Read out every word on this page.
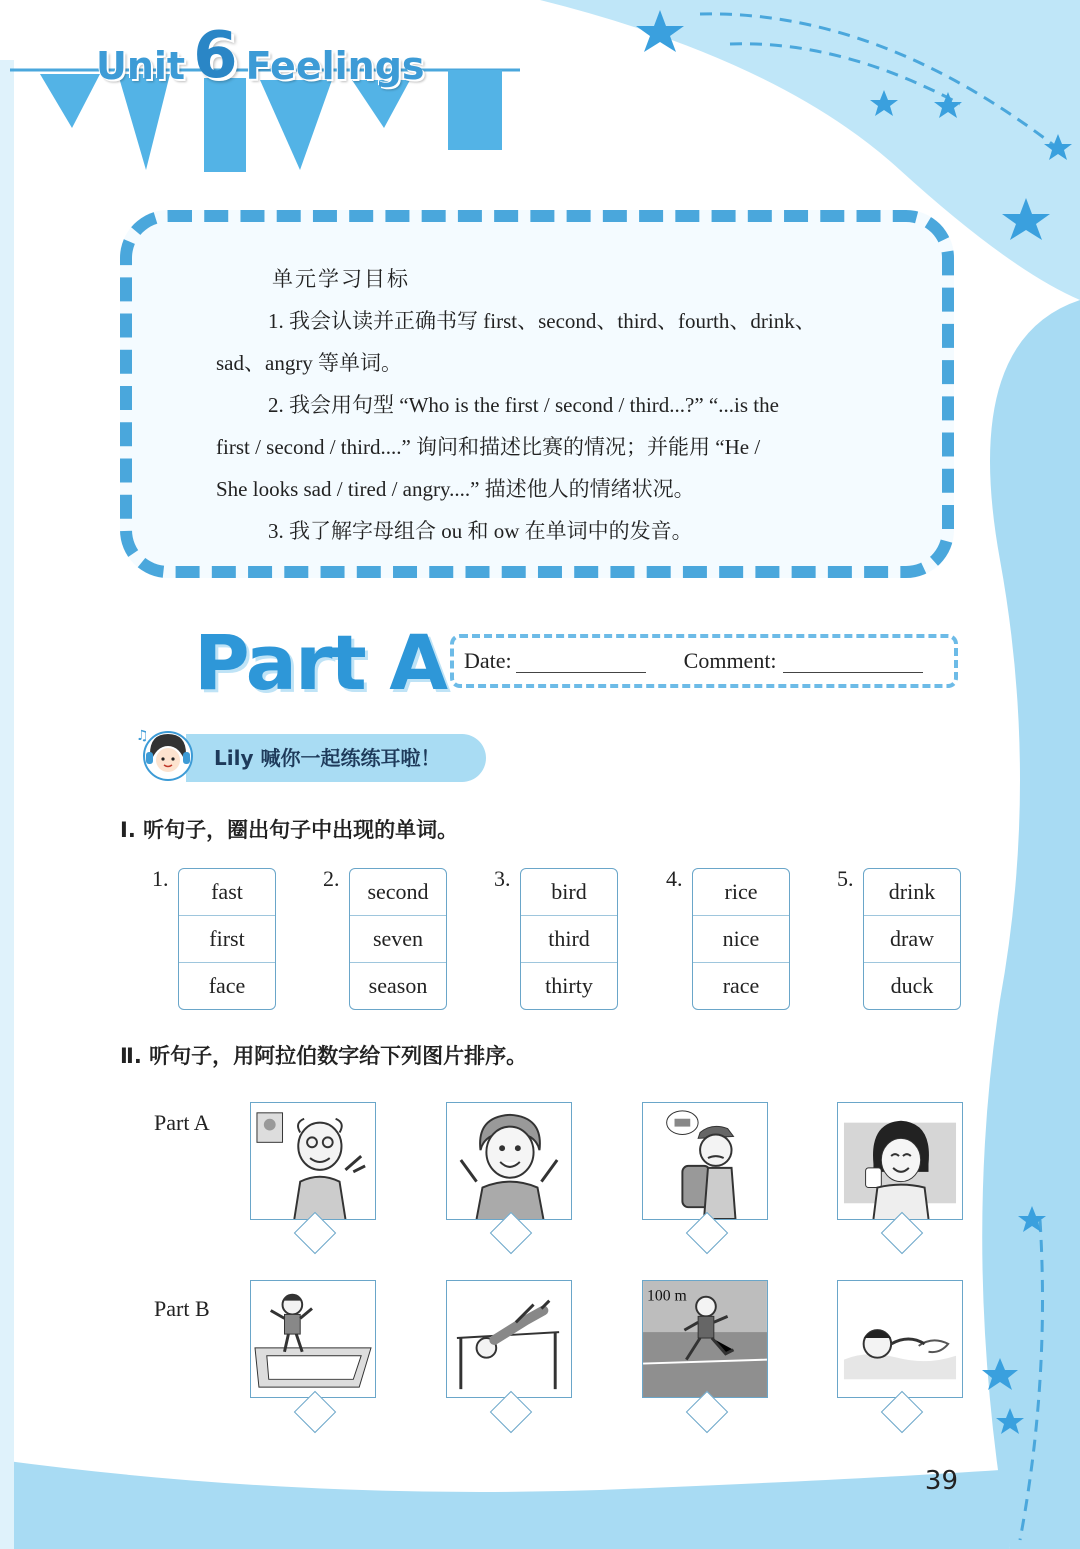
Unit 6 Feelings
单元学习目标
1. 我会认读并正确书写 first、second、third、fourth、drink、
sad、angry 等单词。
2. 我会用句型 “Who is the first / second / third...?” “...is the
first / second / third....” 询问和描述比赛的情况；并能用 “He /
She looks sad / tired / angry....” 描述他人的情绪状况。
3. 我了解字母组合 ou 和 ow 在单词中的发音。
Part A Date:	Comment:
Lily 喊你一起练练耳啦！
♫
Ⅰ. 听句子，圈出句子中出现的单词。
1.
fast
first
face
2.
second
seven
season
3.
bird
third
thirty
4.
rice
nice
race
5.
drink
draw
duck
Ⅱ. 听句子，用阿拉伯数字给下列图片排序。
Part A
Part B	100 m
39
